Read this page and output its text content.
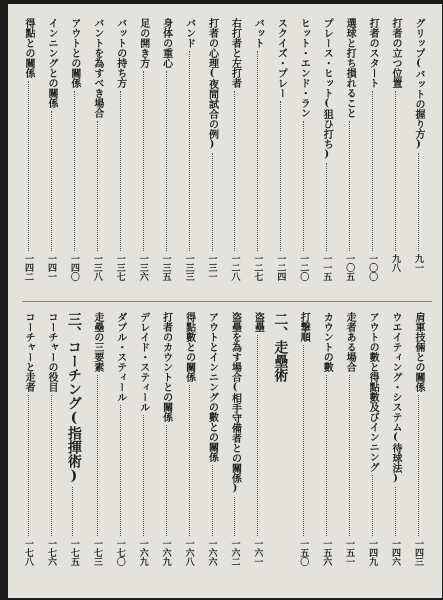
グリップ(バットの握り方)
九一
打者の立つ位置
九八
打者のスタート
一〇〇
選球と打ち損れること
一〇五
プレース・ヒット(狙ひ打ち)
一一五
ヒット・エンド・ラン
一二〇
スクイズ・プレー
一二四
バット
一二七
右打者と左打者
一二八
打者の心理(夜間試合の例)
一三一
バンド
一三三
身体の重心
一三五
足の開き方
一三六
バットの持ち方
一三七
バントを為すべき場合
一三八
アウトとの關係
一四〇
インニングとの關係
一四一
得點との關係
一四二
肩軍技倆との關係
一四三
ウエイティング・システム(待球法)
一四六
アウトの數と得點數及びインニング
一四九
走者ある場合
一五一
カウントの數
一五六
打撃順
一五〇
二、走壘術
盗壘
一六一
盗壘を為す場合(相手守備者との關係)
一六二
アウトとインニングの數との關係
一六六
得點數との關係
一六八
打者のカウントとの關係
一六九
デレイド・スティール
一六九
ダブル・スティール
一七〇
走壘の三要素
一七三
三、コーチング(指揮術)
一七五
コーチャーの役目
一七六
コーチャーと走者
一七八
